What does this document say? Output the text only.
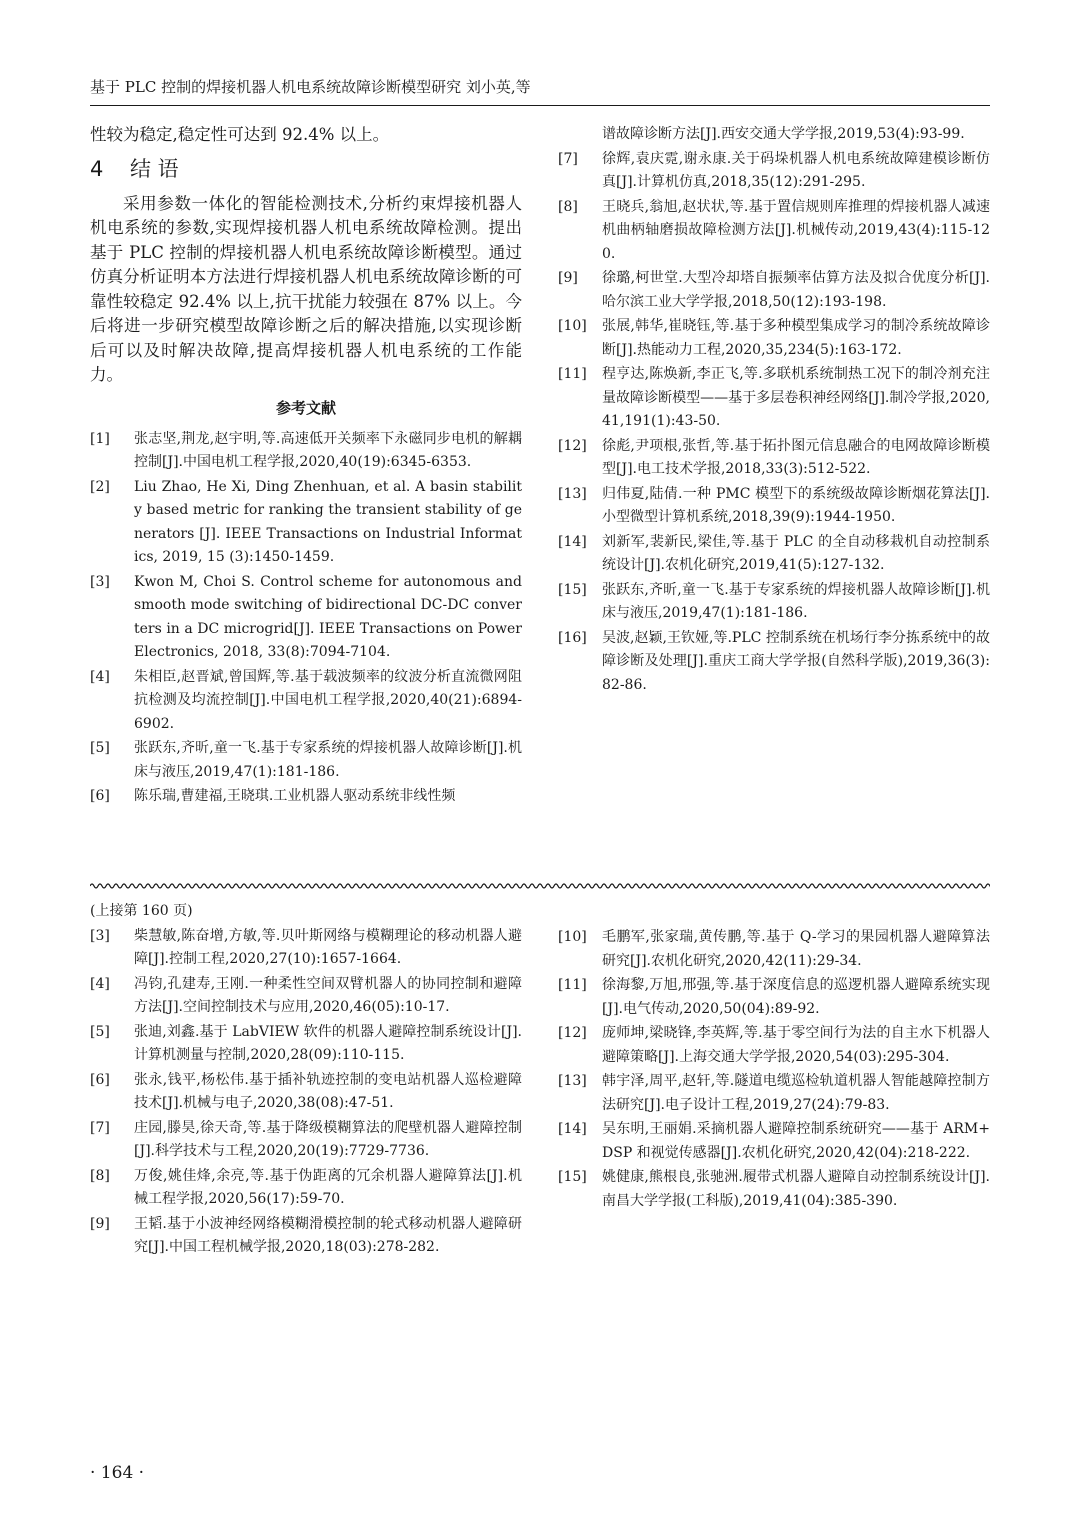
基于 PLC 控制的焊接机器人机电系统故障诊断模型研究 刘小英,等

性较为稳定,稳定性可达到 92.4% 以上。

4 结 语

采用参数一体化的智能检测技术,分析约束焊接机器人机电系统的参数,实现焊接机器人机电系统故障检测。提出基于 PLC 控制的焊接机器人机电系统故障诊断模型。通过仿真分析证明本方法进行焊接机器人机电系统故障诊断的可靠性较稳定 92.4% 以上,抗干扰能力较强在 87% 以上。今后将进一步研究模型故障诊断之后的解决措施,以实现诊断后可以及时解决故障,提高焊接机器人机电系统的工作能力。

参考文献
[1]	张志坚,荆龙,赵宇明,等.高速低开关频率下永磁同步电机的解耦控制[J].中国电机工程学报,2020,40(19):6345-6353.
[2]	Liu Zhao, He Xi, Ding Zhenhuan, et al. A basin stability based metric for ranking the transient stability of generators [J]. IEEE Transactions on Industrial Informatics, 2019, 15 (3):1450-1459.
[3]	Kwon M, Choi S. Control scheme for autonomous and smooth mode switching of bidirectional DC-DC converters in a DC microgrid[J]. IEEE Transactions on Power Electronics, 2018, 33(8):7094-7104.
[4]	朱相臣,赵晋斌,曾国辉,等.基于载波频率的纹波分析直流微网阻抗检测及均流控制[J].中国电机工程学报,2020,40(21):6894-6902.
[5]	张跃东,齐昕,童一飞.基于专家系统的焊接机器人故障诊断[J].机床与液压,2019,47(1):181-186.
[6]	陈乐瑞,曹建福,王晓琪.工业机器人驱动系统非线性频
谱故障诊断方法[J].西安交通大学学报,2019,53(4):93-99.
[7]	徐辉,袁庆霓,谢永康.关于码垛机器人机电系统故障建模诊断仿真[J].计算机仿真,2018,35(12):291-295.
[8]	王晓兵,翁旭,赵状状,等.基于置信规则库推理的焊接机器人减速机曲柄轴磨损故障检测方法[J].机械传动,2019,43(4):115-120.
[9]	徐璐,柯世堂.大型冷却塔自振频率估算方法及拟合优度分析[J].哈尔滨工业大学学报,2018,50(12):193-198.
[10]	张展,韩华,崔晓钰,等.基于多种模型集成学习的制冷系统故障诊断[J].热能动力工程,2020,35,234(5):163-172.
[11]	程亨达,陈焕新,李正飞,等.多联机系统制热工况下的制冷剂充注量故障诊断模型——基于多层卷积神经网络[J].制冷学报,2020,41,191(1):43-50.
[12]	徐彪,尹项根,张哲,等.基于拓扑图元信息融合的电网故障诊断模型[J].电工技术学报,2018,33(3):512-522.
[13]	归伟夏,陆倩.一种 PMC 模型下的系统级故障诊断烟花算法[J].小型微型计算机系统,2018,39(9):1944-1950.
[14]	刘新军,裴新民,梁佳,等.基于 PLC 的全自动移栽机自动控制系统设计[J].农机化研究,2019,41(5):127-132.
[15]	张跃东,齐昕,童一飞.基于专家系统的焊接机器人故障诊断[J].机床与液压,2019,47(1):181-186.
[16]	吴波,赵颖,王钦娅,等.PLC 控制系统在机场行李分拣系统中的故障诊断及处理[J].重庆工商大学学报(自然科学版),2019,36(3):82-86.
(上接第 160 页)
[3]	柴慧敏,陈奋增,方敏,等.贝叶斯网络与模糊理论的移动机器人避障[J].控制工程,2020,27(10):1657-1664.
[4]	冯钧,孔建寿,王刚.一种柔性空间双臂机器人的协同控制和避障方法[J].空间控制技术与应用,2020,46(05):10-17.
[5]	张迪,刘鑫.基于 LabVIEW 软件的机器人避障控制系统设计[J].计算机测量与控制,2020,28(09):110-115.
[6]	张永,钱平,杨松伟.基于插补轨迹控制的变电站机器人巡检避障技术[J].机械与电子,2020,38(08):47-51.
[7]	庄园,滕昊,徐天奇,等.基于降级模糊算法的爬壁机器人避障控制[J].科学技术与工程,2020,20(19):7729-7736.
[8]	万俊,姚佳烽,余亮,等.基于伪距离的冗余机器人避障算法[J].机械工程学报,2020,56(17):59-70.
[9]	王韬.基于小波神经网络模糊滑模控制的轮式移动机器人避障研究[J].中国工程机械学报,2020,18(03):278-282.
[10]	毛鹏军,张家瑞,黄传鹏,等.基于 Q-学习的果园机器人避障算法研究[J].农机化研究,2020,42(11):29-34.
[11]	徐海黎,万旭,邢强,等.基于深度信息的巡逻机器人避障系统实现[J].电气传动,2020,50(04):89-92.
[12]	庞师坤,梁晓锋,李英辉,等.基于零空间行为法的自主水下机器人避障策略[J].上海交通大学学报,2020,54(03):295-304.
[13]	韩宇泽,周平,赵轩,等.隧道电缆巡检轨道机器人智能越障控制方法研究[J].电子设计工程,2019,27(24):79-83.
[14]	吴东明,王丽娟.采摘机器人避障控制系统研究——基于 ARM+DSP 和视觉传感器[J].农机化研究,2020,42(04):218-222.
[15]	姚健康,熊根良,张驰洲.履带式机器人避障自动控制系统设计[J].南昌大学学报(工科版),2019,41(04):385-390.
· 164 ·
